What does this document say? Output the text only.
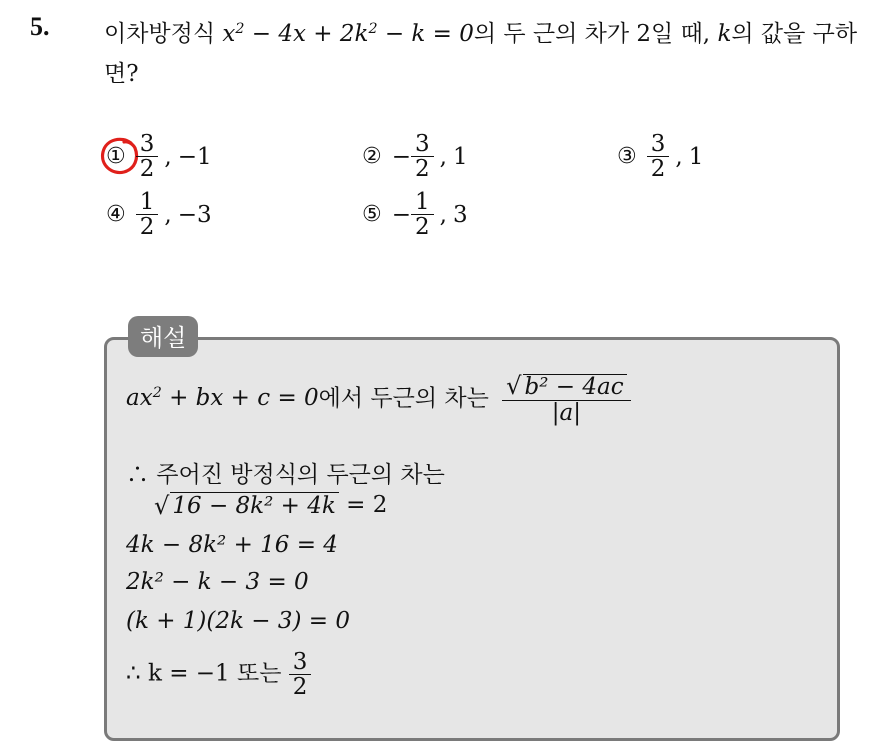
5. 이차방정식 $x^2 - 4x + 2k^2 - k = 0$의 두 근의 차가 2일 때, k의 값을 구하면?
① $\frac{3}{2}$ , −1	② − $\frac{3}{2}$ , 1	③ $\frac{3}{2}$ , 1
④ $\frac{1}{2}$ , −3	⑤ − $\frac{1}{2}$ , 3
해설
$ax^2$ + bx + c = 0에서 두근의 차는 $\frac{\text{√ b² − 4ac}}{|a|}$
∴ 주어진 방정식의 두근의 차는
√ 16 − 8k² + 4k = 2
4k − 8k² + 16 = 4
2k² − k − 3 = 0
(k + 1)(2k − 3) = 0
∴ k = −1 또는 $\frac{3}{2}$
